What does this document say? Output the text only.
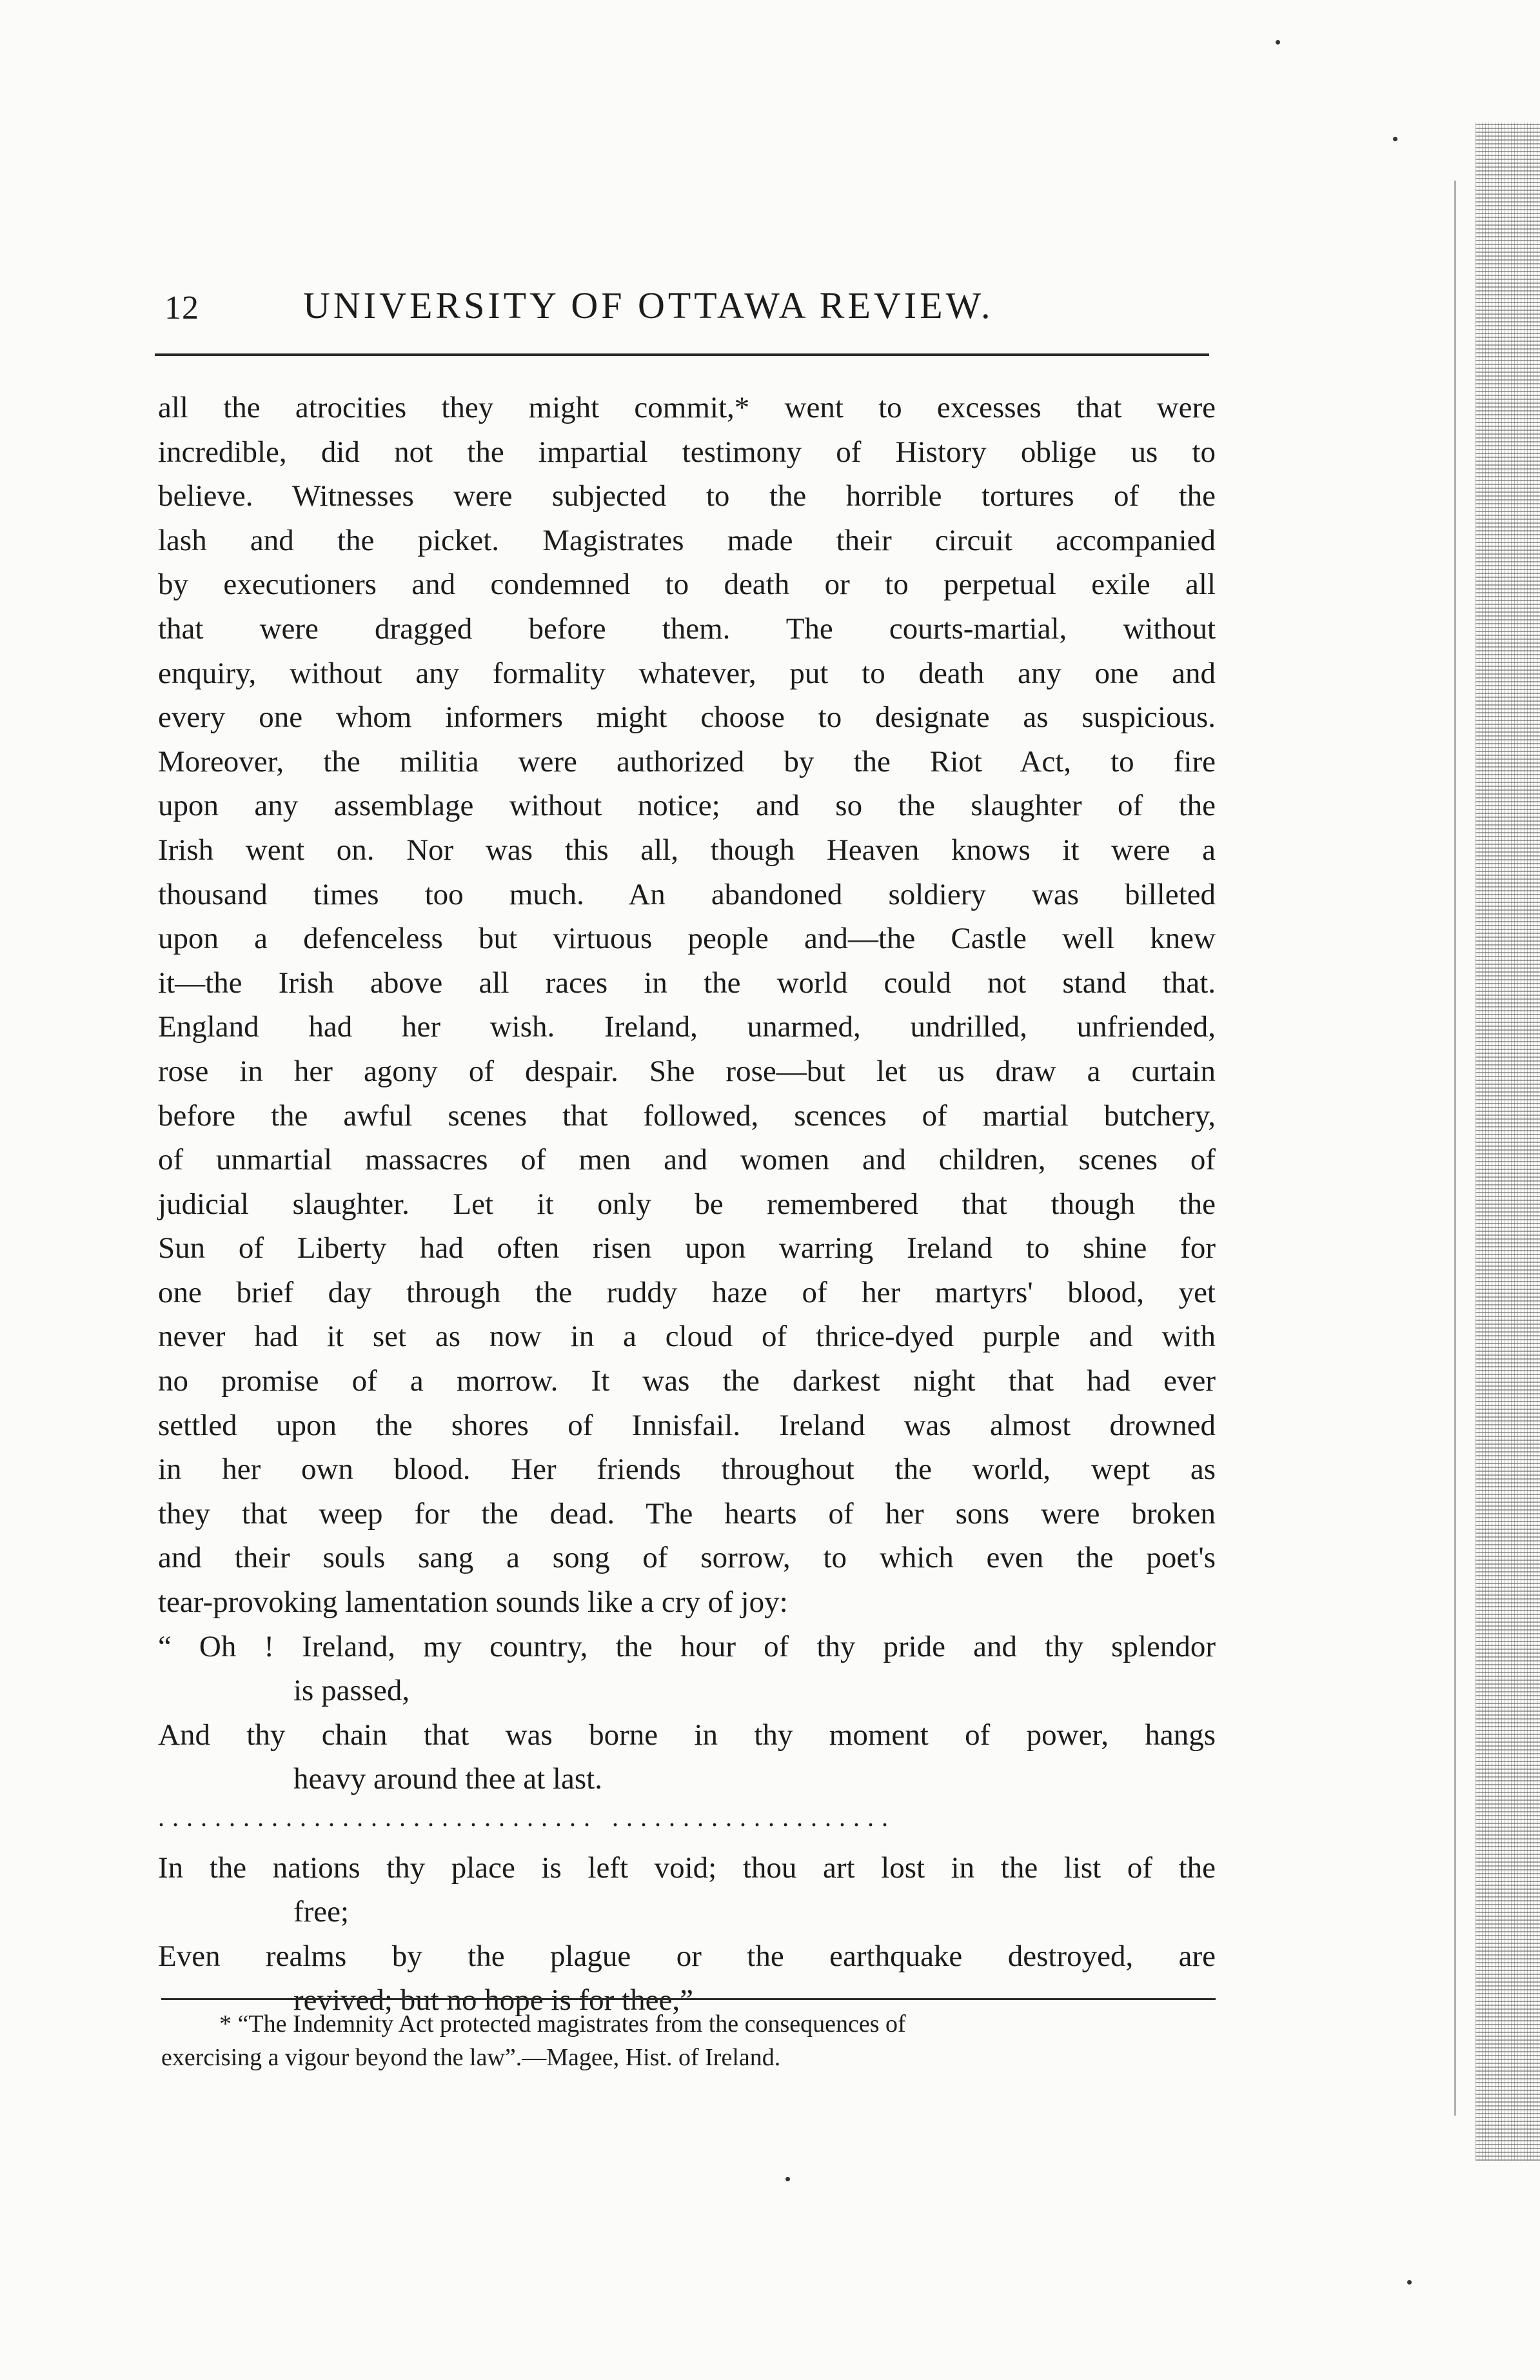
12	UNIVERSITY OF OTTAWA REVIEW.
all the atrocities they might commit,* went to excesses that were
incredible, did not the impartial testimony of History oblige us to
believe. Witnesses were subjected to the horrible tortures of the
lash and the picket. Magistrates made their circuit accompanied
by executioners and condemned to death or to perpetual exile all
that were dragged before them. The courts-martial, without
enquiry, without any formality whatever, put to death any one and
every one whom informers might choose to designate as suspicious.
Moreover, the militia were authorized by the Riot Act, to fire
upon any assemblage without notice; and so the slaughter of the
Irish went on. Nor was this all, though Heaven knows it were a
thousand times too much. An abandoned soldiery was billeted
upon a defenceless but virtuous people and—the Castle well knew
it—the Irish above all races in the world could not stand that.
England had her wish. Ireland, unarmed, undrilled, unfriended,
rose in her agony of despair. She rose—but let us draw a curtain
before the awful scenes that followed, scences of martial butchery,
of unmartial massacres of men and women and children, scenes of
judicial slaughter. Let it only be remembered that though the
Sun of Liberty had often risen upon warring Ireland to shine for
one brief day through the ruddy haze of her martyrs' blood, yet
never had it set as now in a cloud of thrice-dyed purple and with
no promise of a morrow. It was the darkest night that had ever
settled upon the shores of Innisfail. Ireland was almost drowned
in her own blood. Her friends throughout the world, wept as
they that weep for the dead. The hearts of her sons were broken
and their souls sang a song of sorrow, to which even the poet's
tear-provoking lamentation sounds like a cry of joy:
“ Oh ! Ireland, my country, the hour of thy pride and thy splendor
is passed,
And thy chain that was borne in thy moment of power, hangs
heavy around thee at last.
............................... ....................
In the nations thy place is left void; thou art lost in the list of the
free;
Even realms by the plague or the earthquake destroyed, are
revived; but no hope is for thee,”
* “The Indemnity Act protected magistrates from the consequences of
exercising a vigour beyond the law”.—Magee, Hist. of Ireland.
